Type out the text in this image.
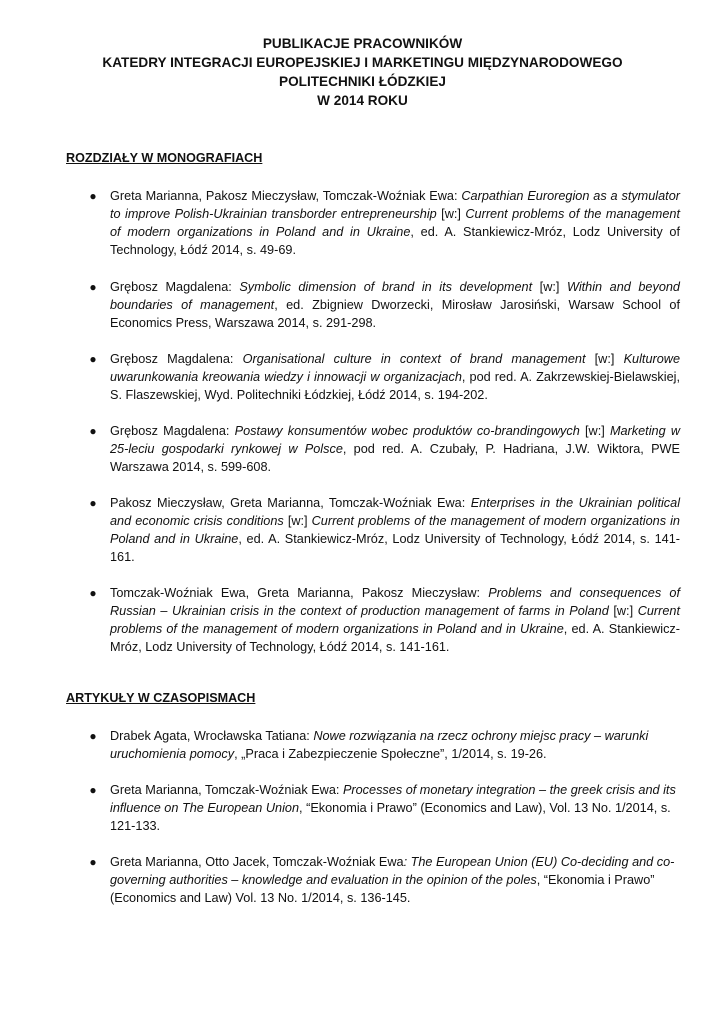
PUBLIKACJE PRACOWNIKÓW
KATEDRY INTEGRACJI EUROPEJSKIEJ I MARKETINGU MIĘDZYNARODOWEGO
POLITECHNIKI ŁÓDZKIEJ
W 2014 ROKU
ROZDZIAŁY W MONOGRAFIACH
● Greta Marianna, Pakosz Mieczysław, Tomczak-Woźniak Ewa: Carpathian Euroregion as a stymulator to improve Polish-Ukrainian transborder entrepreneurship [w:] Current problems of the management of modern organizations in Poland and in Ukraine, ed. A. Stankiewicz-Mróz, Lodz University of Technology, Łódź 2014, s. 49-69.
● Grębosz Magdalena: Symbolic dimension of brand in its development [w:] Within and beyond boundaries of management, ed. Zbigniew Dworzecki, Mirosław Jarosiński, Warsaw School of Economics Press, Warszawa 2014, s. 291-298.
● Grębosz Magdalena: Organisational culture in context of brand management [w:] Kulturowe uwarunkowania kreowania wiedzy i innowacji w organizacjach, pod red. A. Zakrzewskiej-Bielawskiej, S. Flaszewskiej, Wyd. Politechniki Łódzkiej, Łódź 2014, s. 194-202.
● Grębosz Magdalena: Postawy konsumentów wobec produktów co-brandingowych [w:] Marketing w 25-leciu gospodarki rynkowej w Polsce, pod red. A. Czubały, P. Hadriana, J.W. Wiktora, PWE Warszawa 2014, s. 599-608.
● Pakosz Mieczysław, Greta Marianna, Tomczak-Woźniak Ewa: Enterprises in the Ukrainian political and economic crisis conditions [w:] Current problems of the management of modern organizations in Poland and in Ukraine, ed. A. Stankiewicz-Mróz, Lodz University of Technology, Łódź 2014, s. 141-161.
● Tomczak-Woźniak Ewa, Greta Marianna, Pakosz Mieczysław: Problems and consequences of Russian – Ukrainian crisis in the context of production management of farms in Poland [w:] Current problems of the management of modern organizations in Poland and in Ukraine, ed. A. Stankiewicz-Mróz, Lodz University of Technology, Łódź 2014, s. 141-161.
ARTYKUŁY W CZASOPISMACH
● Drabek Agata, Wrocławska Tatiana: Nowe rozwiązania na rzecz ochrony miejsc pracy – warunki uruchomienia pomocy, „Praca i Zabezpieczenie Społeczne”, 1/2014, s. 19-26.
● Greta Marianna, Tomczak-Woźniak Ewa: Processes of monetary integration – the greek crisis and its influence on The European Union, “Ekonomia i Prawo” (Economics and Law), Vol. 13 No. 1/2014, s. 121-133.
● Greta Marianna, Otto Jacek, Tomczak-Woźniak Ewa: The European Union (EU) Co-deciding and co-governing authorities – knowledge and evaluation in the opinion of the poles, “Ekonomia i Prawo” (Economics and Law) Vol. 13 No. 1/2014, s. 136-145.
